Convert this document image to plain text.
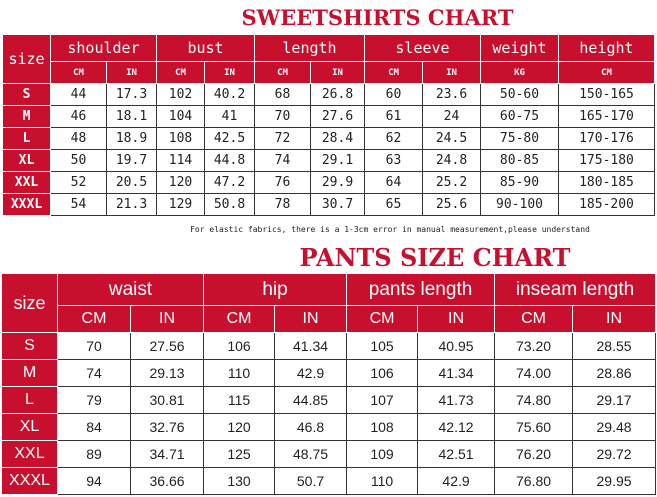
SWEETSHIRTS CHART
size	shoulder		bust		length		sleeve		weight	height
	CM	IN	CM	IN	CM	IN	CM	IN	KG	CM
S	44	17.3	102	40.2	68	26.8	60	23.6	50-60	150-165
M	46	18.1	104	41	70	27.6	61	24	60-75	165-170
L	48	18.9	108	42.5	72	28.4	62	24.5	75-80	170-176
XL	50	19.7	114	44.8	74	29.1	63	24.8	80-85	175-180
XXL	52	20.5	120	47.2	76	29.9	64	25.2	85-90	180-185
XXXL	54	21.3	129	50.8	78	30.7	65	25.6	90-100	185-200
For elastic fabrics, there is a 1-3cm error in manual measurement,please understand
PANTS SIZE CHART
size	waist		hip		pants length		inseam length	
	CM	IN	CM	IN	CM	IN	CM	IN
S	70	27.56	106	41.34	105	40.95	73.20	28.55
M	74	29.13	110	42.9	106	41.34	74.00	28.86
L	79	30.81	115	44.85	107	41.73	74.80	29.17
XL	84	32.76	120	46.8	108	42.12	75.60	29.48
XXL	89	34.71	125	48.75	109	42.51	76.20	29.72
XXXL	94	36.66	130	50.7	110	42.9	76.80	29.95
